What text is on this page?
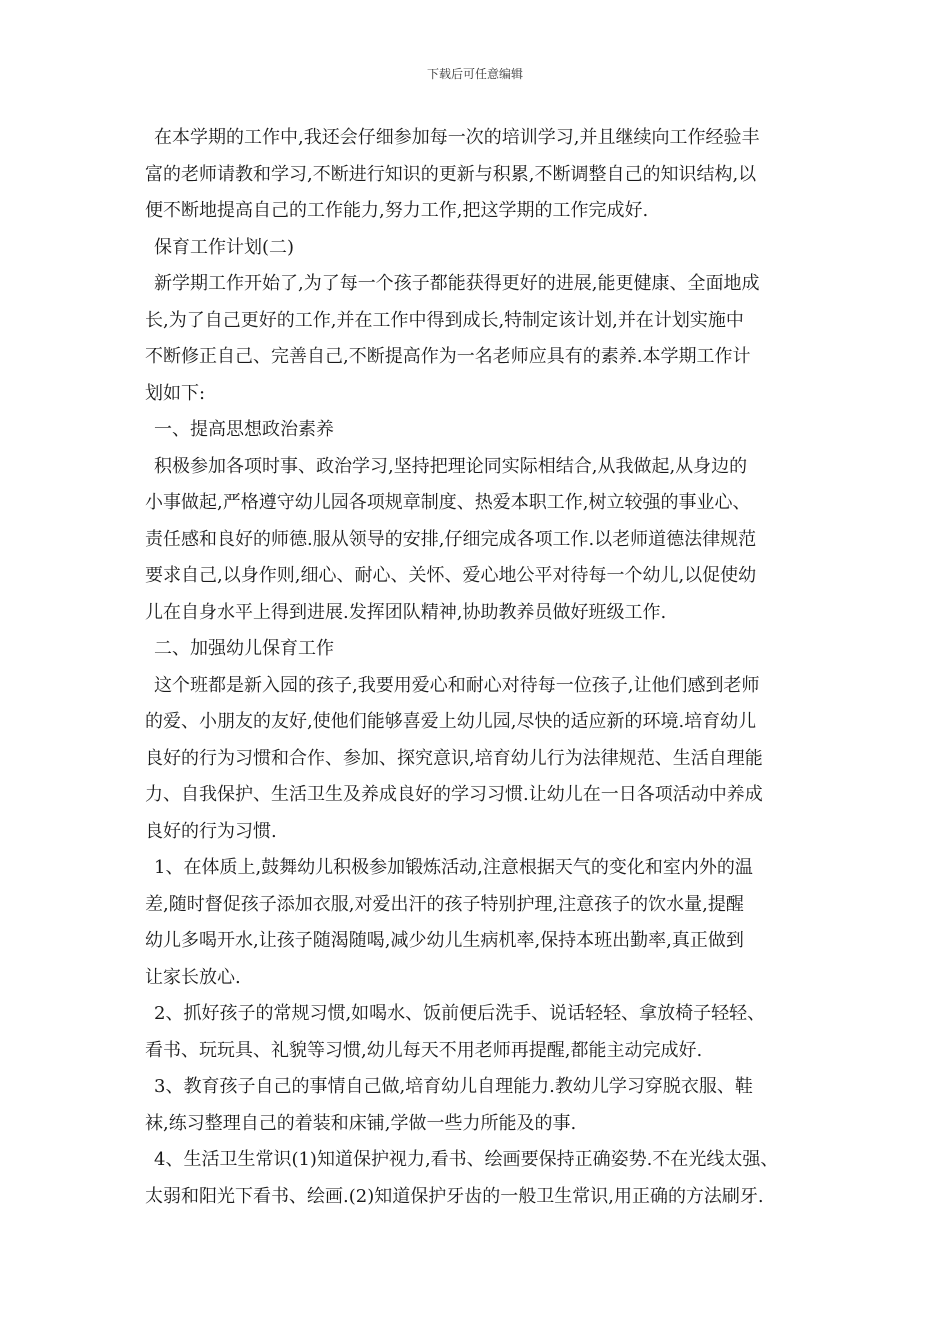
下载后可任意编辑
在本学期的工作中,我还会仔细参加每一次的培训学习,并且继续向工作经验丰
富的老师请教和学习,不断进行知识的更新与积累,不断调整自己的知识结构,以
便不断地提高自己的工作能力,努力工作,把这学期的工作完成好.
保育工作计划(二)
新学期工作开始了,为了每一个孩子都能获得更好的进展,能更健康、全面地成
长,为了自己更好的工作,并在工作中得到成长,特制定该计划,并在计划实施中
不断修正自己、完善自己,不断提高作为一名老师应具有的素养.本学期工作计
划如下:
一、提高思想政治素养
积极参加各项时事、政治学习,坚持把理论同实际相结合,从我做起,从身边的
小事做起,严格遵守幼儿园各项规章制度、热爱本职工作,树立较强的事业心、
责任感和良好的师德.服从领导的安排,仔细完成各项工作.以老师道德法律规范
要求自己,以身作则,细心、耐心、关怀、爱心地公平对待每一个幼儿,以促使幼
儿在自身水平上得到进展.发挥团队精神,协助教养员做好班级工作.
二、加强幼儿保育工作
这个班都是新入园的孩子,我要用爱心和耐心对待每一位孩子,让他们感到老师
的爱、小朋友的友好,使他们能够喜爱上幼儿园,尽快的适应新的环境.培育幼儿
良好的行为习惯和合作、参加、探究意识,培育幼儿行为法律规范、生活自理能
力、自我保护、生活卫生及养成良好的学习习惯.让幼儿在一日各项活动中养成
良好的行为习惯.
1、在体质上,鼓舞幼儿积极参加锻炼活动,注意根据天气的变化和室内外的温
差,随时督促孩子添加衣服,对爱出汗的孩子特别护理,注意孩子的饮水量,提醒
幼儿多喝开水,让孩子随渴随喝,减少幼儿生病机率,保持本班出勤率,真正做到
让家长放心.
2、抓好孩子的常规习惯,如喝水、饭前便后洗手、说话轻轻、拿放椅子轻轻、
看书、玩玩具、礼貌等习惯,幼儿每天不用老师再提醒,都能主动完成好.
3、教育孩子自己的事情自己做,培育幼儿自理能力.教幼儿学习穿脱衣服、鞋
袜,练习整理自己的着装和床铺,学做一些力所能及的事.
4、生活卫生常识(1)知道保护视力,看书、绘画要保持正确姿势.不在光线太强、
太弱和阳光下看书、绘画.(2)知道保护牙齿的一般卫生常识,用正确的方法刷牙.
